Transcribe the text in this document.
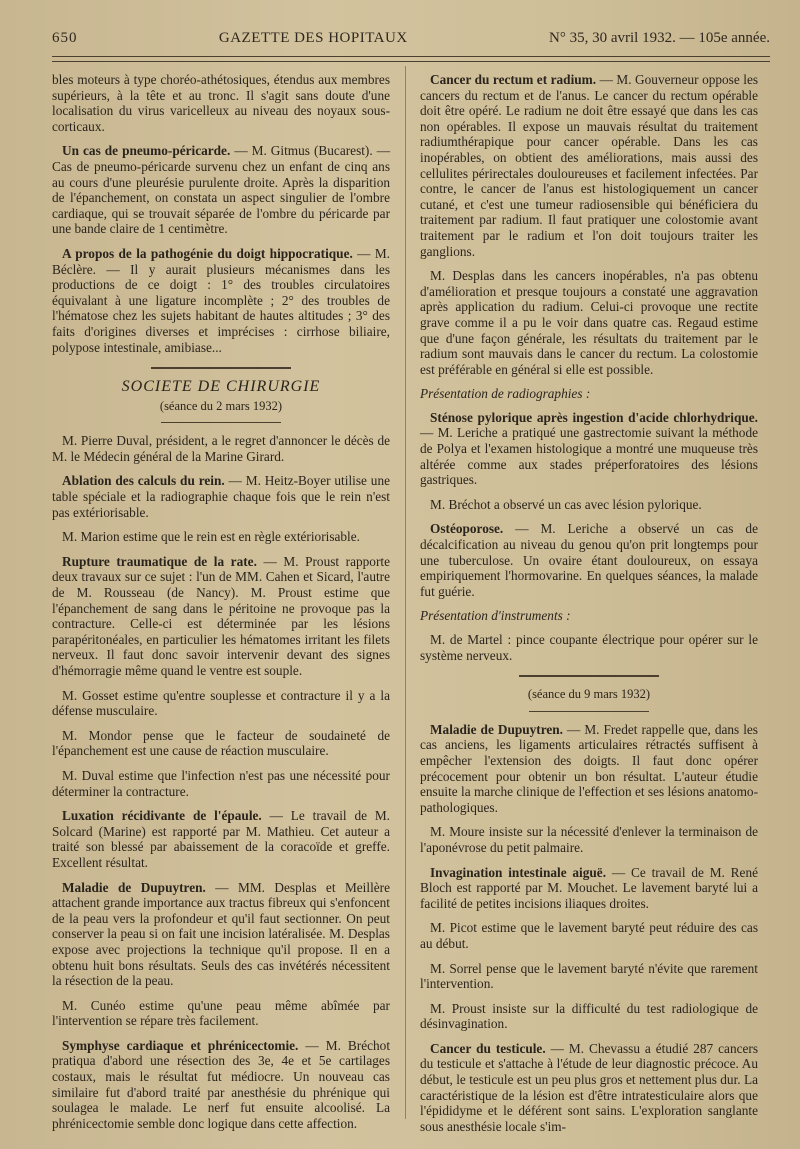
650	GAZETTE DES HOPITAUX	N° 35, 30 avril 1932. — 105e année.

bles moteurs à type choréo-athétosiques, étendus aux membres supérieurs, à la tête et au tronc. Il s'agit sans doute d'une localisation du virus varicelleux au niveau des noyaux sous-corticaux.

Un cas de pneumo-péricarde. — M. Gitmus (Bucarest). — Cas de pneumo-péricarde survenu chez un enfant de cinq ans au cours d'une pleurésie purulente droite. Après la disparition de l'épanchement, on constata un aspect singulier de l'ombre cardiaque, qui se trouvait séparée de l'ombre du péricarde par une bande claire de 1 centimètre.

A propos de la pathogénie du doigt hippocratique. — M. Béclère. — Il y aurait plusieurs mécanismes dans les productions de ce doigt : 1° des troubles circulatoires équivalant à une ligature incomplète ; 2° des troubles de l'hématose chez les sujets habitant de hautes altitudes ; 3° des faits d'origines diverses et imprécises : cirrhose biliaire, polypose intestinale, amibiase...

SOCIETE DE CHIRURGIE
(séance du 2 mars 1932)

M. Pierre Duval, président, a le regret d'annoncer le décès de M. le Médecin général de la Marine Girard.

Ablation des calculs du rein. — M. Heitz-Boyer utilise une table spéciale et la radiographie chaque fois que le rein n'est pas extériorisable.

M. Marion estime que le rein est en règle extériorisable.

Rupture traumatique de la rate. — M. Proust rapporte deux travaux sur ce sujet : l'un de MM. Cahen et Sicard, l'autre de M. Rousseau (de Nancy). M. Proust estime que l'épanchement de sang dans le péritoine ne provoque pas la contracture. Celle-ci est déterminée par les lésions parapéritonéales, en particulier les hématomes irritant les filets nerveux. Il faut donc savoir intervenir devant des signes d'hémorragie même quand le ventre est souple.

M. Gosset estime qu'entre souplesse et contracture il y a la défense musculaire.

M. Mondor pense que le facteur de soudaineté de l'épanchement est une cause de réaction musculaire.

M. Duval estime que l'infection n'est pas une nécessité pour déterminer la contracture.

Luxation récidivante de l'épaule. — Le travail de M. Solcard (Marine) est rapporté par M. Mathieu. Cet auteur a traité son blessé par abaissement de la coracoïde et greffe. Excellent résultat.

Maladie de Dupuytren. — MM. Desplas et Meillère attachent grande importance aux tractus fibreux qui s'enfoncent de la peau vers la profondeur et qu'il faut sectionner. On peut conserver la peau si on fait une incision latéralisée. M. Desplas expose avec projections la technique qu'il propose. Il en a obtenu huit bons résultats. Seuls des cas invétérés nécessitent la résection de la peau.

M. Cunéo estime qu'une peau même abîmée par l'intervention se répare très facilement.

Symphyse cardiaque et phrénicectomie. — M. Bréchot pratiqua d'abord une résection des 3e, 4e et 5e cartilages costaux, mais le résultat fut médiocre. Un nouveau cas similaire fut d'abord traité par anesthésie du phrénique qui soulagea le malade. Le nerf fut ensuite alcoolisé. La phrénicectomie semble donc logique dans cette affection.

Cancer du rectum et radium. — M. Gouverneur oppose les cancers du rectum et de l'anus. Le cancer du rectum opérable doit être opéré. Le radium ne doit être essayé que dans les cas non opérables. Il expose un mauvais résultat du traitement radiumthérapique pour cancer opérable. Dans les cas inopérables, on obtient des améliorations, mais aussi des cellulites périrectales douloureuses et facilement infectées. Par contre, le cancer de l'anus est histologiquement un cancer cutané, et c'est une tumeur radiosensible qui bénéficiera du traitement par radium. Il faut pratiquer une colostomie avant traitement par le radium et l'on doit toujours traiter les ganglions.

M. Desplas dans les cancers inopérables, n'a pas obtenu d'amélioration et presque toujours a constaté une aggravation après application du radium. Celui-ci provoque une rectite grave comme il a pu le voir dans quatre cas. Regaud estime que d'une façon générale, les résultats du traitement par le radium sont mauvais dans le cancer du rectum. La colostomie est préférable en général si elle est possible.

Présentation de radiographies :

Sténose pylorique après ingestion d'acide chlorhydrique. — M. Leriche a pratiqué une gastrectomie suivant la méthode de Polya et l'examen histologique a montré une muqueuse très altérée comme aux stades préperforatoires des lésions gastriques.

M. Bréchot a observé un cas avec lésion pylorique.

Ostéoporose. — M. Leriche a observé un cas de décalcification au niveau du genou qu'on prit longtemps pour une tuberculose. Un ovaire étant douloureux, on essaya empiriquement l'hormovarine. En quelques séances, la malade fut guérie.

Présentation d'instruments :

M. de Martel : pince coupante électrique pour opérer sur le système nerveux.

(séance du 9 mars 1932)

Maladie de Dupuytren. — M. Fredet rappelle que, dans les cas anciens, les ligaments articulaires rétractés suffisent à empêcher l'extension des doigts. Il faut donc opérer précocement pour obtenir un bon résultat. L'auteur étudie ensuite la marche clinique de l'effection et ses lésions anatomo-pathologiques.

M. Moure insiste sur la nécessité d'enlever la terminaison de l'aponévrose du petit palmaire.

Invagination intestinale aiguë. — Ce travail de M. René Bloch est rapporté par M. Mouchet. Le lavement baryté lui a facilité de petites incisions iliaques droites.

M. Picot estime que le lavement baryté peut réduire des cas au début.

M. Sorrel pense que le lavement baryté n'évite que rarement l'intervention.

M. Proust insiste sur la difficulté du test radiologique de désinvagination.

Cancer du testicule. — M. Chevassu a étudié 287 cancers du testicule et s'attache à l'étude de leur diagnostic précoce. Au début, le testicule est un peu plus gros et nettement plus dur. La caractéristique de la lésion est d'être intratesticulaire alors que l'épididyme et le déférent sont sains. L'exploration sanglante sous anesthésie locale s'im-
